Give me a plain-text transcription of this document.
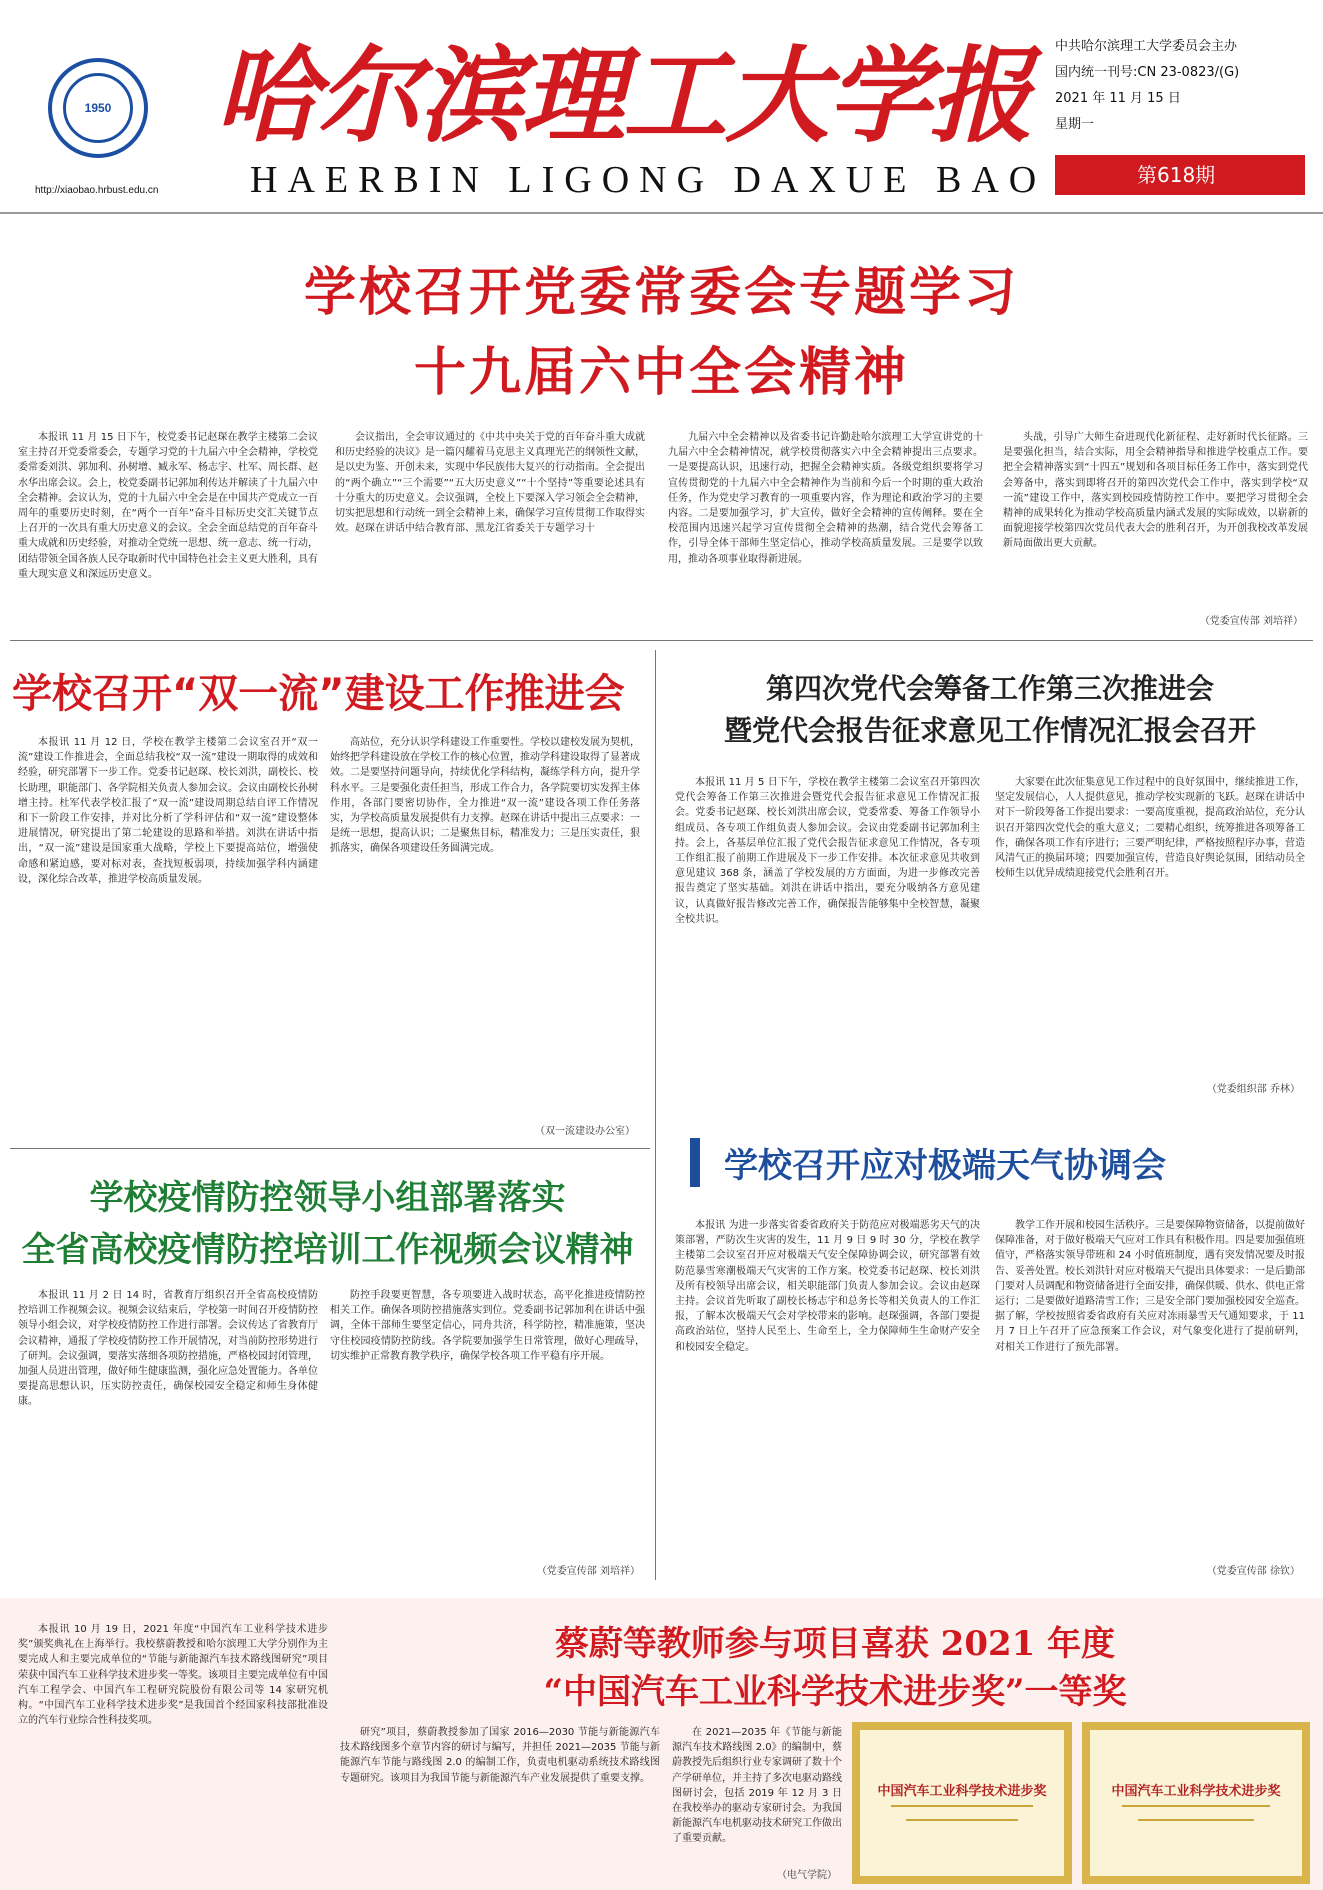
1950
http://xiaobao.hrbust.edu.cn
哈尔滨理工大学报
HAERBIN LIGONG DAXUE BAO
中共哈尔滨理工大学委员会主办
国内统一刊号:CN 23-0823/(G)
2021 年 11 月 15 日
星期一
第618期
学校召开党委常委会专题学习
十九届六中全会精神

本报讯 11 月 15 日下午，校党委书记赵琛在教学主楼第二会议室主持召开党委常委会，专题学习党的十九届六中全会精神，学校党委常委刘洪、郭加利、孙树增、臧永军、杨志宇、杜军、周长群、赵水华出席会议。会上，校党委副书记郭加利传达并解读了十九届六中全会精神。会议认为，党的十九届六中全会是在中国共产党成立一百周年的重要历史时刻，在“两个一百年”奋斗目标历史交汇关键节点上召开的一次具有重大历史意义的会议。全会全面总结党的百年奋斗重大成就和历史经验，对推动全党统一思想、统一意志、统一行动，团结带领全国各族人民夺取新时代中国特色社会主义更大胜利，具有重大现实意义和深远历史意义。

会议指出，全会审议通过的《中共中央关于党的百年奋斗重大成就和历史经验的决议》是一篇闪耀着马克思主义真理光芒的纲领性文献，是以史为鉴、开创未来，实现中华民族伟大复兴的行动指南。全会提出的“两个确立”“三个需要”“五大历史意义”“十个坚持”等重要论述具有十分重大的历史意义。会议强调，全校上下要深入学习领会全会精神，切实把思想和行动统一到全会精神上来，确保学习宣传贯彻工作取得实效。赵琛在讲话中结合教育部、黑龙江省委关于专题学习十

九届六中全会精神以及省委书记许勤赴哈尔滨理工大学宣讲党的十九届六中全会精神情况，就学校贯彻落实六中全会精神提出三点要求。一是要提高认识，迅速行动，把握全会精神实质。各级党组织要将学习宣传贯彻党的十九届六中全会精神作为当前和今后一个时期的重大政治任务，作为党史学习教育的一项重要内容，作为理论和政治学习的主要内容。二是要加强学习，扩大宣传，做好全会精神的宣传阐释。要在全校范围内迅速兴起学习宣传贯彻全会精神的热潮，结合党代会筹备工作，引导全体干部师生坚定信心，推动学校高质量发展。三是要学以致用，推动各项事业取得新进展。

头战，引导广大师生奋进现代化新征程、走好新时代长征路。三是要强化担当，结合实际，用全会精神指导和推进学校重点工作。要把全会精神落实到“十四五”规划和各项目标任务工作中，落实到党代会筹备中，落实到即将召开的第四次党代会工作中，落实到学校“双一流”建设工作中，落实到校园疫情防控工作中。要把学习贯彻全会精神的成果转化为推动学校高质量内涵式发展的实际成效，以崭新的面貌迎接学校第四次党员代表大会的胜利召开，为开创我校改革发展新局面做出更大贡献。

（党委宣传部 刘培祥）
学校召开“双一流”建设工作推进会

本报讯 11 月 12 日，学校在教学主楼第二会议室召开“双一流”建设工作推进会，全面总结我校“双一流”建设一期取得的成效和经验，研究部署下一步工作。党委书记赵琛、校长刘洪，副校长、校长助理，职能部门、各学院相关负责人参加会议。会议由副校长孙树增主持。杜军代表学校汇报了“双一流”建设周期总结自评工作情况和下一阶段工作安排，并对比分析了学科评估和“双一流”建设整体进展情况，研究提出了第二轮建设的思路和举措。刘洪在讲话中指出，“双一流”建设是国家重大战略，学校上下要提高站位，增强使命感和紧迫感，要对标对表，查找短板弱项，持续加强学科内涵建设，深化综合改革，推进学校高质量发展。

高站位，充分认识学科建设工作重要性。学校以建校发展为契机，始终把学科建设放在学校工作的核心位置，推动学科建设取得了显著成效。二是要坚持问题导向，持续优化学科结构，凝练学科方向，提升学科水平。三是要强化责任担当，形成工作合力，各学院要切实发挥主体作用，各部门要密切协作，全力推进“双一流”建设各项工作任务落实，为学校高质量发展提供有力支撑。赵琛在讲话中提出三点要求：一是统一思想，提高认识；二是聚焦目标，精准发力；三是压实责任，狠抓落实，确保各项建设任务圆满完成。

（双一流建设办公室）
第四次党代会筹备工作第三次推进会
暨党代会报告征求意见工作情况汇报会召开

本报讯 11 月 5 日下午，学校在教学主楼第二会议室召开第四次党代会筹备工作第三次推进会暨党代会报告征求意见工作情况汇报会。党委书记赵琛、校长刘洪出席会议，党委常委、筹备工作领导小组成员、各专项工作组负责人参加会议。会议由党委副书记郭加利主持。会上，各基层单位汇报了党代会报告征求意见工作情况，各专项工作组汇报了前期工作进展及下一步工作安排。本次征求意见共收到意见建议 368 条，涵盖了学校发展的方方面面，为进一步修改完善报告奠定了坚实基础。刘洪在讲话中指出，要充分吸纳各方意见建议，认真做好报告修改完善工作，确保报告能够集中全校智慧，凝聚全校共识。

大家要在此次征集意见工作过程中的良好氛围中，继续推进工作，坚定发展信心，人人提供意见，推动学校实现新的飞跃。赵琛在讲话中对下一阶段筹备工作提出要求：一要高度重视，提高政治站位，充分认识召开第四次党代会的重大意义；二要精心组织，统筹推进各项筹备工作，确保各项工作有序进行；三要严明纪律，严格按照程序办事，营造风清气正的换届环境；四要加强宣传，营造良好舆论氛围，团结动员全校师生以优异成绩迎接党代会胜利召开。

（党委组织部 乔林）
学校疫情防控领导小组部署落实
全省高校疫情防控培训工作视频会议精神

本报讯 11 月 2 日 14 时，省教育厅组织召开全省高校疫情防控培训工作视频会议。视频会议结束后，学校第一时间召开疫情防控领导小组会议，对学校疫情防控工作进行部署。会议传达了省教育厅会议精神，通报了学校疫情防控工作开展情况，对当前防控形势进行了研判。会议强调，要落实落细各项防控措施，严格校园封闭管理，加强人员进出管理，做好师生健康监测，强化应急处置能力。各单位要提高思想认识，压实防控责任，确保校园安全稳定和师生身体健康。

防控手段要更智慧，各专项要进入战时状态，高平化推进疫情防控相关工作。确保各项防控措施落实到位。党委副书记郭加利在讲话中强调，全体干部师生要坚定信心，同舟共济，科学防控，精准施策，坚决守住校园疫情防控防线。各学院要加强学生日常管理，做好心理疏导，切实维护正常教育教学秩序，确保学校各项工作平稳有序开展。

（党委宣传部 刘培祥）
学校召开应对极端天气协调会

本报讯 为进一步落实省委省政府关于防范应对极端恶劣天气的决策部署，严防次生灾害的发生，11 月 9 日 9 时 30 分，学校在教学主楼第二会议室召开应对极端天气安全保障协调会议，研究部署有效防范暴雪寒潮极端天气灾害的工作方案。校党委书记赵琛、校长刘洪及所有校领导出席会议，相关职能部门负责人参加会议。会议由赵琛主持。会议首先听取了副校长杨志宇和总务长等相关负责人的工作汇报，了解本次极端天气会对学校带来的影响。赵琛强调，各部门要提高政治站位，坚持人民至上、生命至上，全力保障师生生命财产安全和校园安全稳定。

教学工作开展和校园生活秩序。三是要保障物资储备，以提前做好保障准备，对于做好极端天气应对工作具有积极作用。四是要加强值班值守，严格落实领导带班和 24 小时值班制度，遇有突发情况要及时报告、妥善处置。校长刘洪针对应对极端天气提出具体要求：一是后勤部门要对人员调配和物资储备进行全面安排，确保供暖、供水、供电正常运行；二是要做好道路清雪工作；三是安全部门要加强校园安全巡查。据了解，学校按照省委省政府有关应对冻雨暴雪天气通知要求，于 11 月 7 日上午召开了应急预案工作会议，对气象变化进行了提前研判，对相关工作进行了预先部署。

（党委宣传部 徐钦）
蔡蔚等教师参与项目喜获 2021 年度
“中国汽车工业科学技术进步奖”一等奖

本报讯 10 月 19 日，2021 年度“中国汽车工业科学技术进步奖”颁奖典礼在上海举行。我校蔡蔚教授和哈尔滨理工大学分别作为主要完成人和主要完成单位的“节能与新能源汽车技术路线图研究”项目荣获中国汽车工业科学技术进步奖一等奖。该项目主要完成单位有中国汽车工程学会、中国汽车工程研究院股份有限公司等 14 家研究机构。“中国汽车工业科学技术进步奖”是我国首个经国家科技部批准设立的汽车行业综合性科技奖项。

研究”项目，蔡蔚教授参加了国家 2016—2030 节能与新能源汽车技术路线图多个章节内容的研讨与编写，并担任 2021—2035 节能与新能源汽车节能与路线图 2.0 的编制工作，负责电机驱动系统技术路线图专题研究。该项目为我国节能与新能源汽车产业发展提供了重要支撑。

在 2021—2035 年《节能与新能源汽车技术路线图 2.0》的编制中，蔡蔚教授先后组织行业专家调研了数十个产学研单位，并主持了多次电驱动路线图研讨会，包括 2019 年 12 月 3 日在我校举办的驱动专家研讨会。为我国新能源汽车电机驱动技术研究工作做出了重要贡献。

（电气学院）
中国汽车工业科学技术进步奖	中国汽车工业科学技术进步奖
